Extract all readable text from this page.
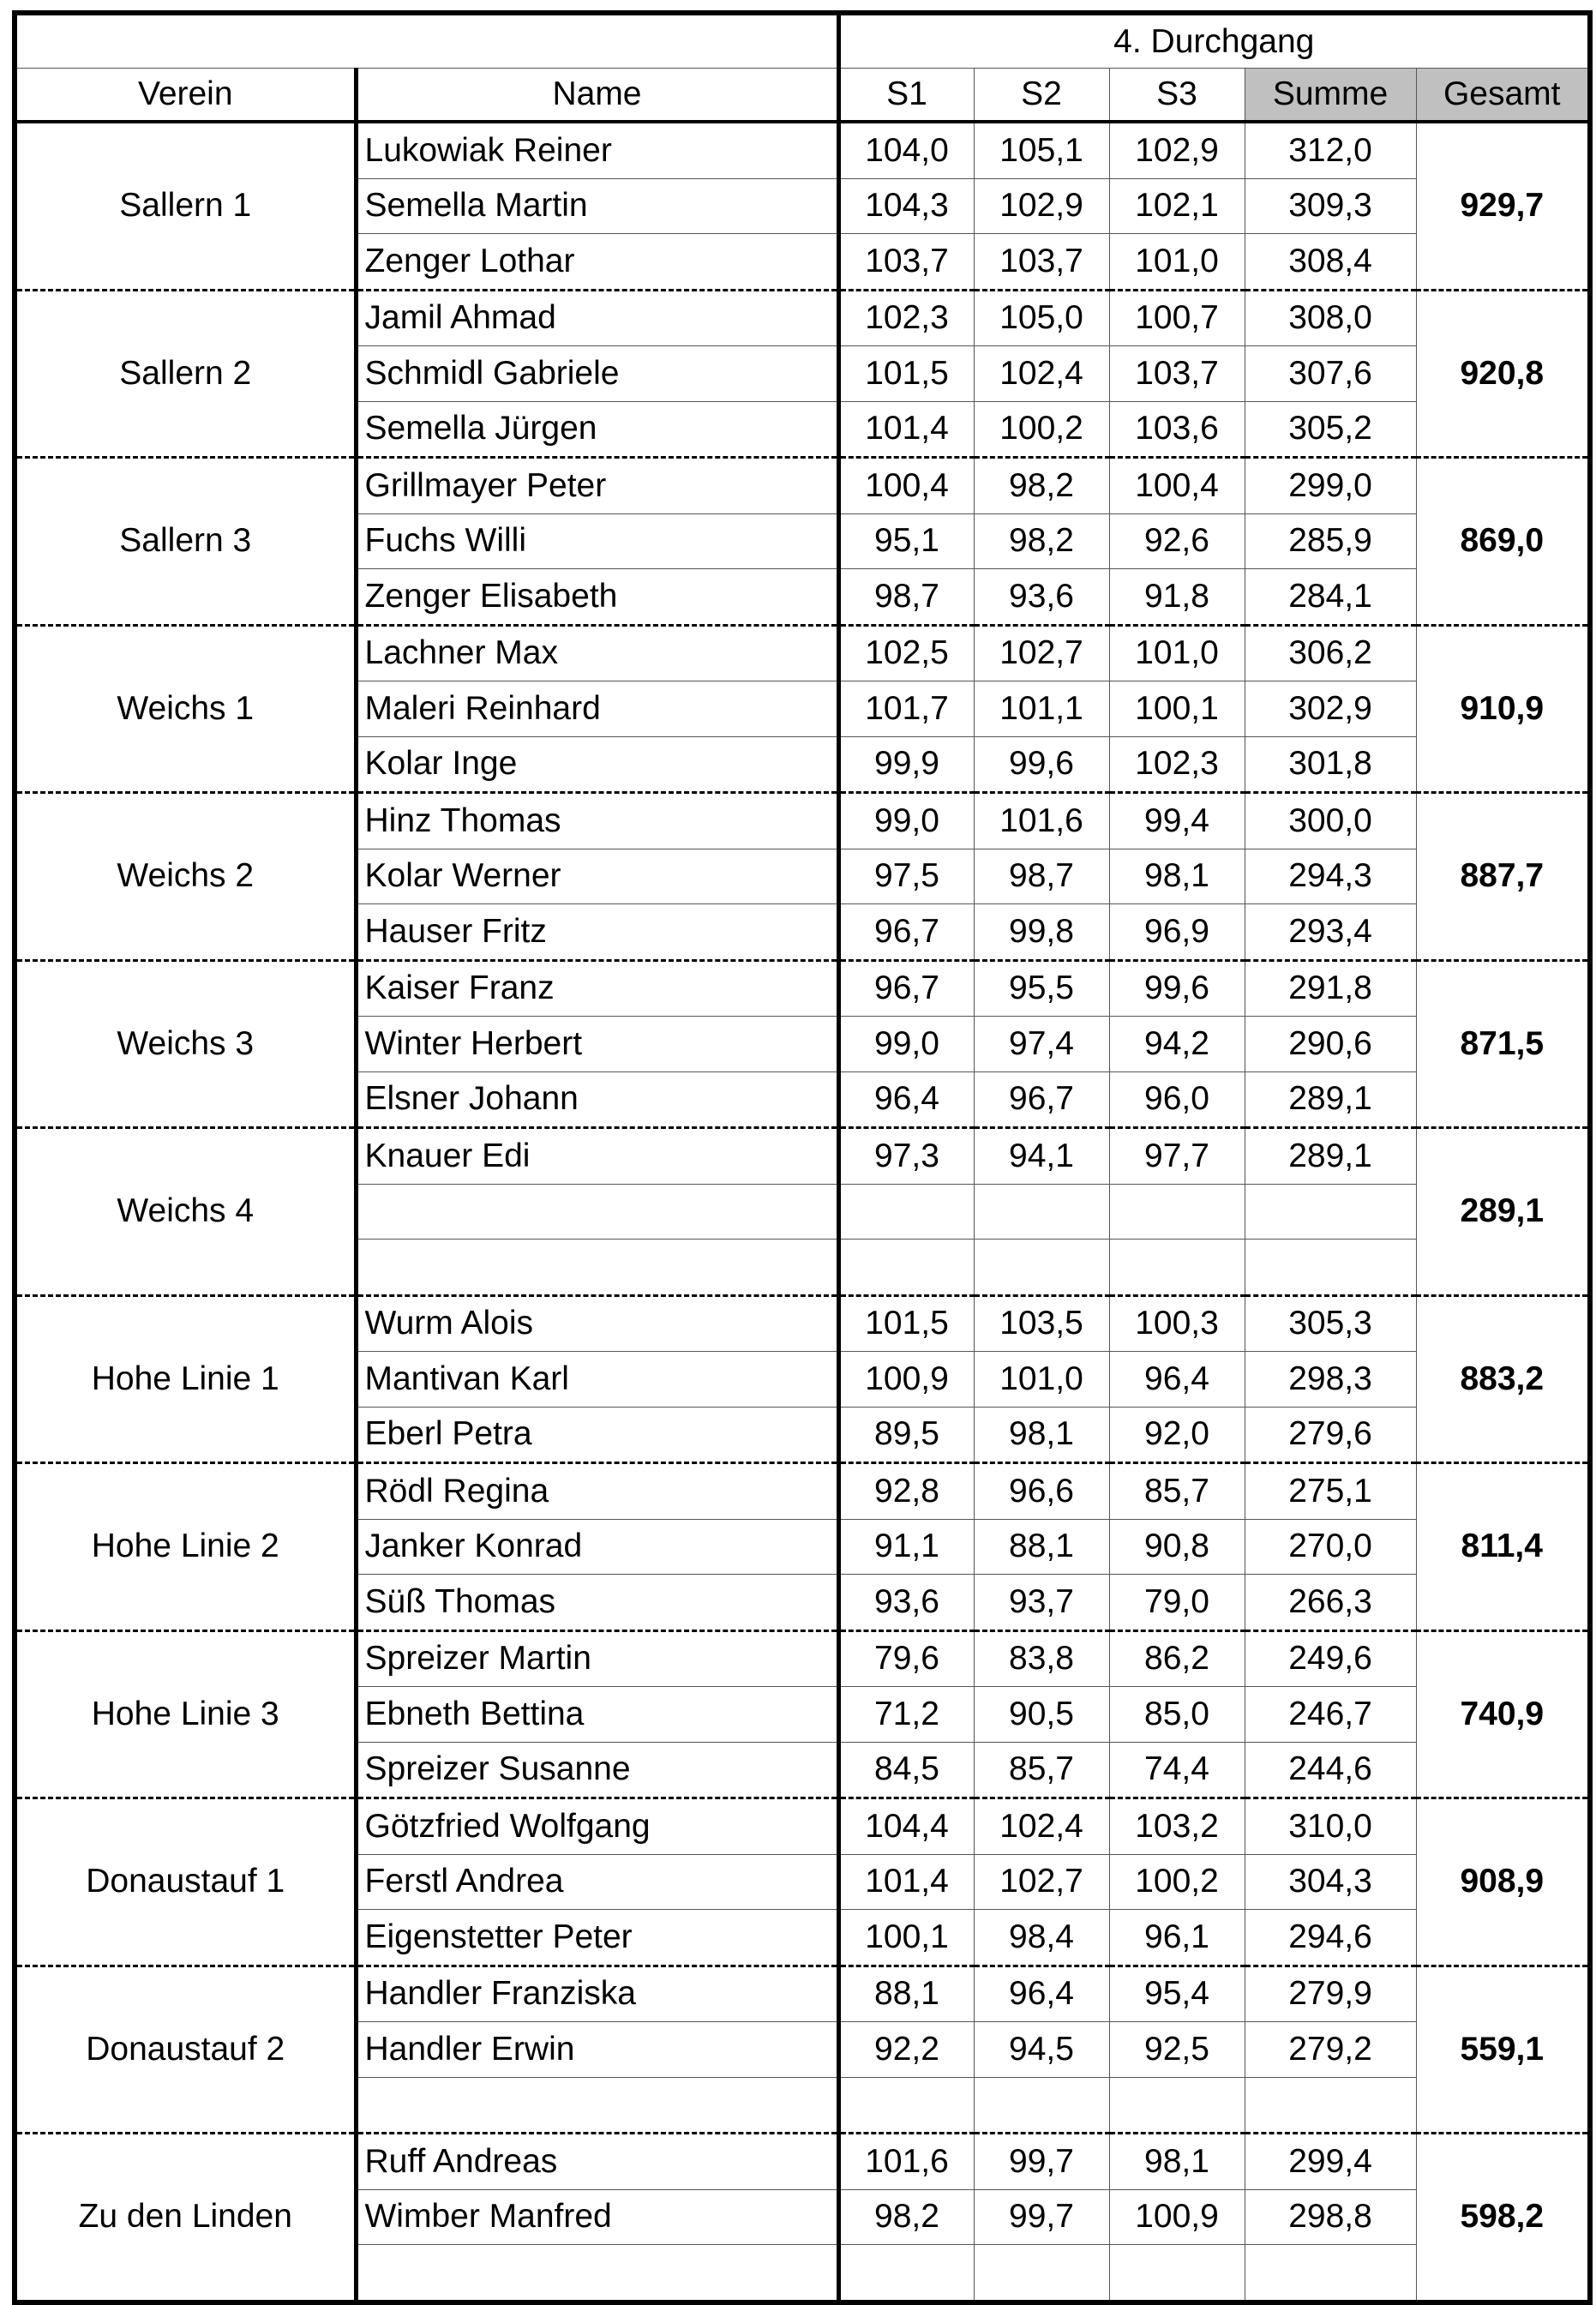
		4. Durchgang				
Verein	Name	S1	S2	S3	Summe	Gesamt
Sallern 1	Lukowiak Reiner	104,0	105,1	102,9	312,0	929,7
	Semella Martin	104,3	102,9	102,1	309,3	
	Zenger Lothar	103,7	103,7	101,0	308,4	
Sallern 2	Jamil Ahmad	102,3	105,0	100,7	308,0	920,8
	Schmidl Gabriele	101,5	102,4	103,7	307,6	
	Semella Jürgen	101,4	100,2	103,6	305,2	
Sallern 3	Grillmayer Peter	100,4	98,2	100,4	299,0	869,0
	Fuchs Willi	95,1	98,2	92,6	285,9	
	Zenger Elisabeth	98,7	93,6	91,8	284,1	
Weichs 1	Lachner Max	102,5	102,7	101,0	306,2	910,9
	Maleri Reinhard	101,7	101,1	100,1	302,9	
	Kolar Inge	99,9	99,6	102,3	301,8	
Weichs 2	Hinz Thomas	99,0	101,6	99,4	300,0	887,7
	Kolar Werner	97,5	98,7	98,1	294,3	
	Hauser Fritz	96,7	99,8	96,9	293,4	
Weichs 3	Kaiser Franz	96,7	95,5	99,6	291,8	871,5
	Winter Herbert	99,0	97,4	94,2	290,6	
	Elsner Johann	96,4	96,7	96,0	289,1	
Weichs 4	Knauer Edi	97,3	94,1	97,7	289,1	289,1

Hohe Linie 1	Wurm Alois	101,5	103,5	100,3	305,3	883,2
	Mantivan Karl	100,9	101,0	96,4	298,3	
	Eberl Petra	89,5	98,1	92,0	279,6	
Hohe Linie 2	Rödl Regina	92,8	96,6	85,7	275,1	811,4
	Janker Konrad	91,1	88,1	90,8	270,0	
	Süß Thomas	93,6	93,7	79,0	266,3	
Hohe Linie 3	Spreizer Martin	79,6	83,8	86,2	249,6	740,9
	Ebneth Bettina	71,2	90,5	85,0	246,7	
	Spreizer Susanne	84,5	85,7	74,4	244,6	
Donaustauf 1	Götzfried Wolfgang	104,4	102,4	103,2	310,0	908,9
	Ferstl Andrea	101,4	102,7	100,2	304,3	
	Eigenstetter Peter	100,1	98,4	96,1	294,6	
Donaustauf 2	Handler Franziska	88,1	96,4	95,4	279,9	559,1
	Handler Erwin	92,2	94,5	92,5	279,2	

Zu den Linden	Ruff Andreas	101,6	99,7	98,1	299,4	598,2
	Wimber Manfred	98,2	99,7	100,9	298,8	
